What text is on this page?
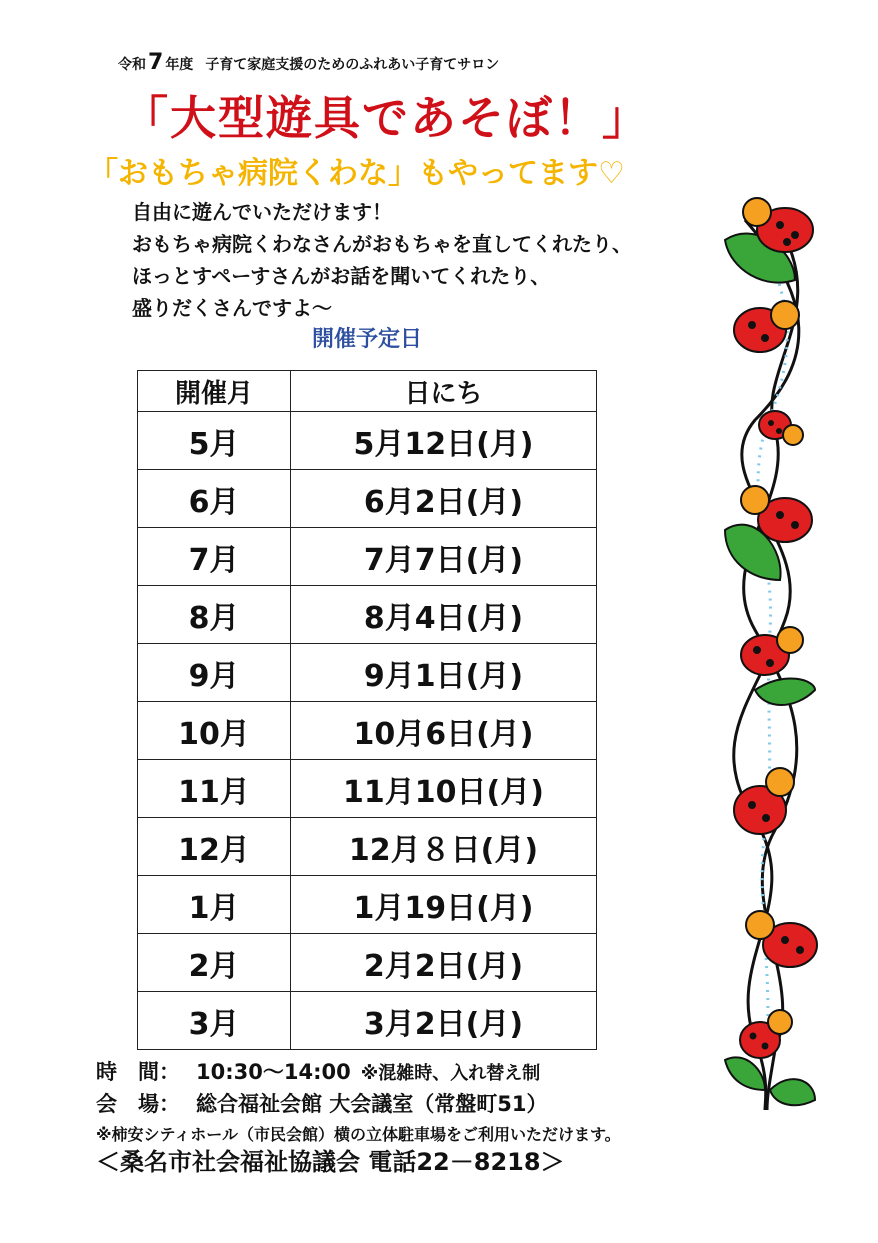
令和7 年度 子育て家庭支援のためのふれあい子育てサロン
「大型遊具であそぼ！」
「おもちゃ病院くわな」もやってます♡
自由に遊んでいただけます！
おもちゃ病院くわなさんがおもちゃを直してくれたり、
ほっとすペーすさんがお話を聞いてくれたり、
盛りだくさんですよ～
開催予定日
開催月	日にち
5月	5月12日(月)
6月	6月2日(月)
7月	7月7日(月)
8月	8月4日(月)
9月	9月1日(月)
10月	10月6日(月)
11月	11月10日(月)
12月	12月８日(月)
1月	1月19日(月)
2月	2月2日(月)
3月	3月2日(月)
時　間： 10:30～14:00 ※混雑時、入れ替え制
会　場： 総合福祉会館 大会議室（常盤町51）
※柿安シティホール（市民会館）横の立体駐車場をご利用いただけます。
＜桑名市社会福祉協議会 電話22－8218＞
